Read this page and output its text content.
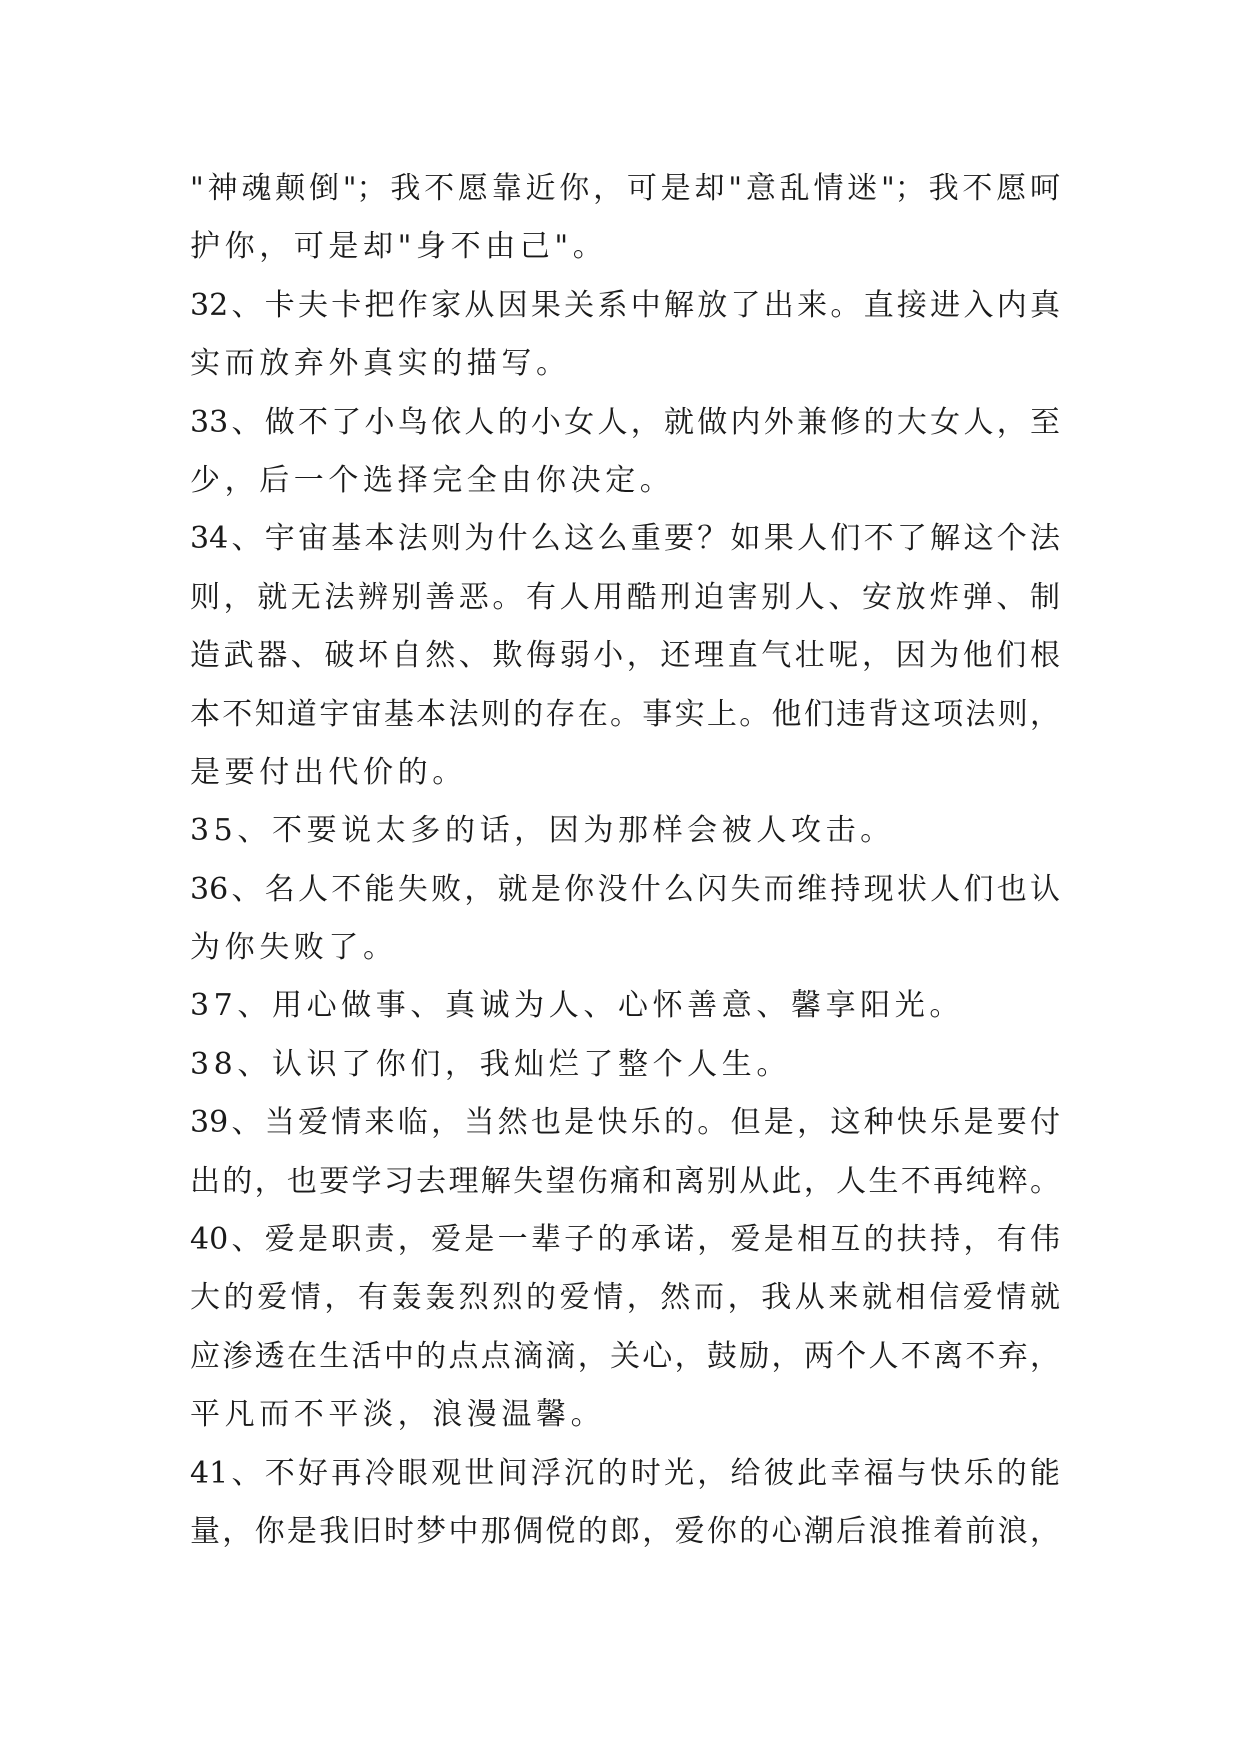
"神魂颠倒"；我不愿靠近你，可是却"意乱情迷"；我不愿呵
护你，可是却"身不由己"。
32、卡夫卡把作家从因果关系中解放了出来。直接进入内真
实而放弃外真实的描写。
33、做不了小鸟依人的小女人，就做内外兼修的大女人，至
少，后一个选择完全由你决定。
34、宇宙基本法则为什么这么重要？如果人们不了解这个法
则，就无法辨别善恶。有人用酷刑迫害别人、安放炸弹、制
造武器、破坏自然、欺侮弱小，还理直气壮呢，因为他们根
本不知道宇宙基本法则的存在。事实上。他们违背这项法则，
是要付出代价的。
35、不要说太多的话，因为那样会被人攻击。
36、名人不能失败，就是你没什么闪失而维持现状人们也认
为你失败了。
37、用心做事、真诚为人、心怀善意、馨享阳光。
38、认识了你们，我灿烂了整个人生。
39、当爱情来临，当然也是快乐的。但是，这种快乐是要付
出的，也要学习去理解失望伤痛和离别从此，人生不再纯粹。
40、爱是职责，爱是一辈子的承诺，爱是相互的扶持，有伟
大的爱情，有轰轰烈烈的爱情，然而，我从来就相信爱情就
应渗透在生活中的点点滴滴，关心，鼓励，两个人不离不弃，
平凡而不平淡，浪漫温馨。
41、不好再冷眼观世间浮沉的时光，给彼此幸福与快乐的能
量，你是我旧时梦中那倜傥的郎，爱你的心潮后浪推着前浪，
